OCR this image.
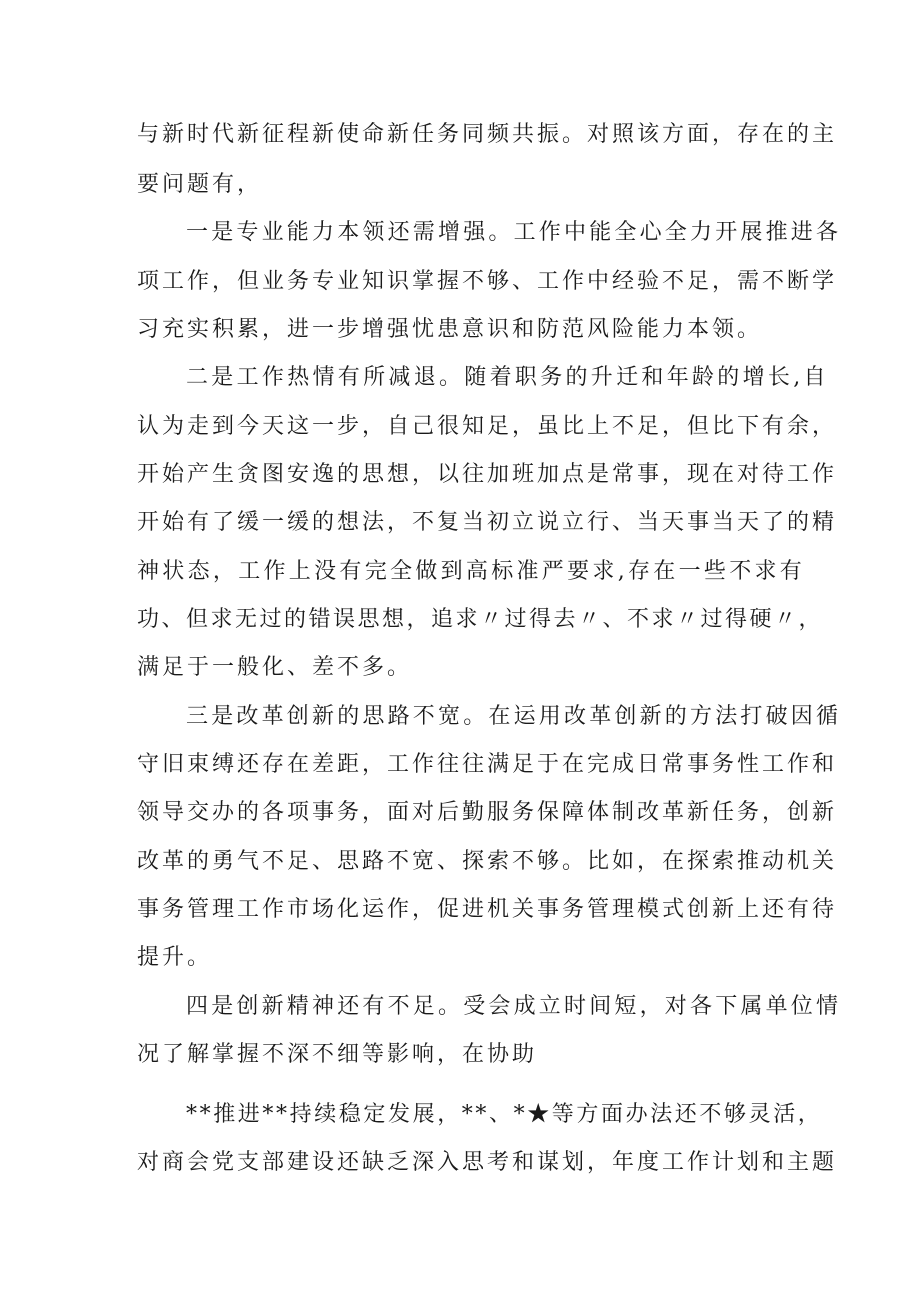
与新时代新征程新使命新任务同频共振。对照该方面，存在的主
要问题有，
一是专业能力本领还需增强。工作中能全心全力开展推进各
项工作，但业务专业知识掌握不够、工作中经验不足，需不断学
习充实积累，进一步增强忧患意识和防范风险能力本领。
二是工作热情有所减退。随着职务的升迁和年龄的增长,自
认为走到今天这一步，自己很知足，虽比上不足，但比下有余，
开始产生贪图安逸的思想，以往加班加点是常事，现在对待工作
开始有了缓一缓的想法，不复当初立说立行、当天事当天了的精
神状态，工作上没有完全做到高标准严要求,存在一些不求有
功、但求无过的错误思想，追求〃过得去〃、不求〃过得硬〃，
满足于一般化、差不多。
三是改革创新的思路不宽。在运用改革创新的方法打破因循
守旧束缚还存在差距，工作往往满足于在完成日常事务性工作和
领导交办的各项事务，面对后勤服务保障体制改革新任务，创新
改革的勇气不足、思路不宽、探索不够。比如，在探索推动机关
事务管理工作市场化运作，促进机关事务管理模式创新上还有待
提升。
四是创新精神还有不足。受会成立时间短，对各下属单位情
况了解掌握不深不细等影响，在协助
**推进**持续稳定发展，**、*★等方面办法还不够灵活，
对商会党支部建设还缺乏深入思考和谋划，年度工作计划和主题
